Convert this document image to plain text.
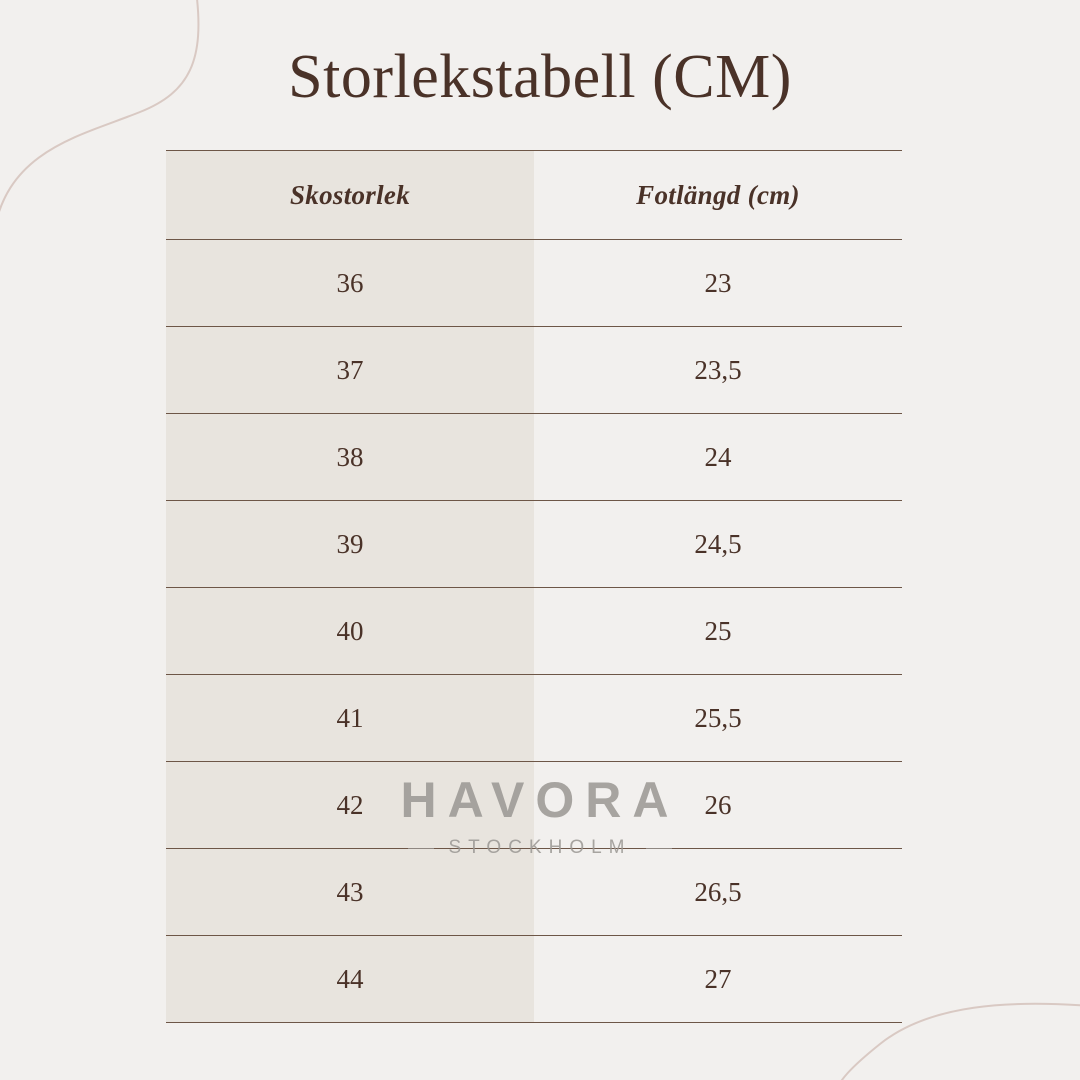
Storlekstabell (CM)
Skostorlek	Fotlängd (cm)
36	23
37	23,5
38	24
39	24,5
40	25
41	25,5
42	26
43	26,5
44	27
HAVORA
STOCKHOLM
